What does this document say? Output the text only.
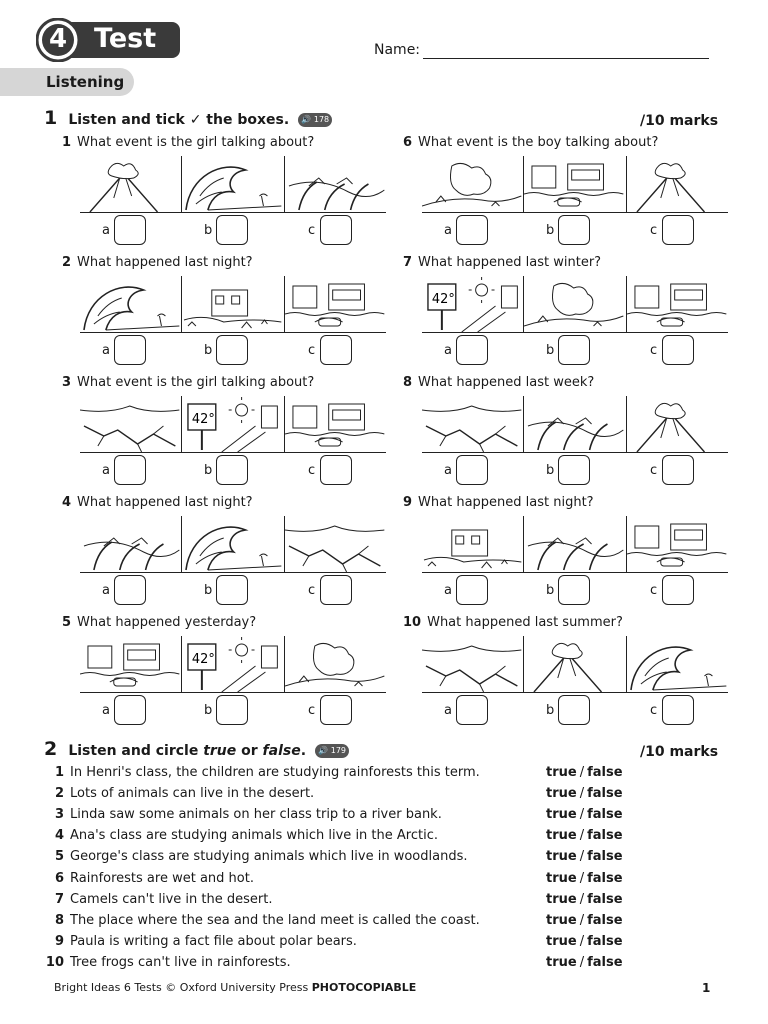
4 Test	Name:
Listening
1 Listen and tick ✓ the boxes. 🔊 178	/10 marks
1 What event is the girl talking about?
a	b	c
2 What happened last night?
a	b	c
3 What event is the girl talking about?
42°
a	b	c
4 What happened last night?
a	b	c
5 What happened yesterday?
42°
a	b	c
6 What event is the boy talking about?
a	b	c
7 What happened last winter?
42°
a	b	c
8 What happened last week?
a	b	c
9 What happened last night?
a	b	c
10 What happened last summer?
a	b	c
2 Listen and circle true or false. 🔊 179	/10 marks
1 In Henri's class, the children are studying rainforests this term.	true / false
2 Lots of animals can live in the desert.	true / false
3 Linda saw some animals on her class trip to a river bank.	true / false
4 Ana's class are studying animals which live in the Arctic.	true / false
5 George's class are studying animals which live in woodlands.	true / false
6 Rainforests are wet and hot.	true / false
7 Camels can't live in the desert.	true / false
8 The place where the sea and the land meet is called the coast.	true / false
9 Paula is writing a fact file about polar bears.	true / false
10 Tree frogs can't live in rainforests.	true / false
Bright Ideas 6 Tests © Oxford University Press PHOTOCOPIABLE	1
